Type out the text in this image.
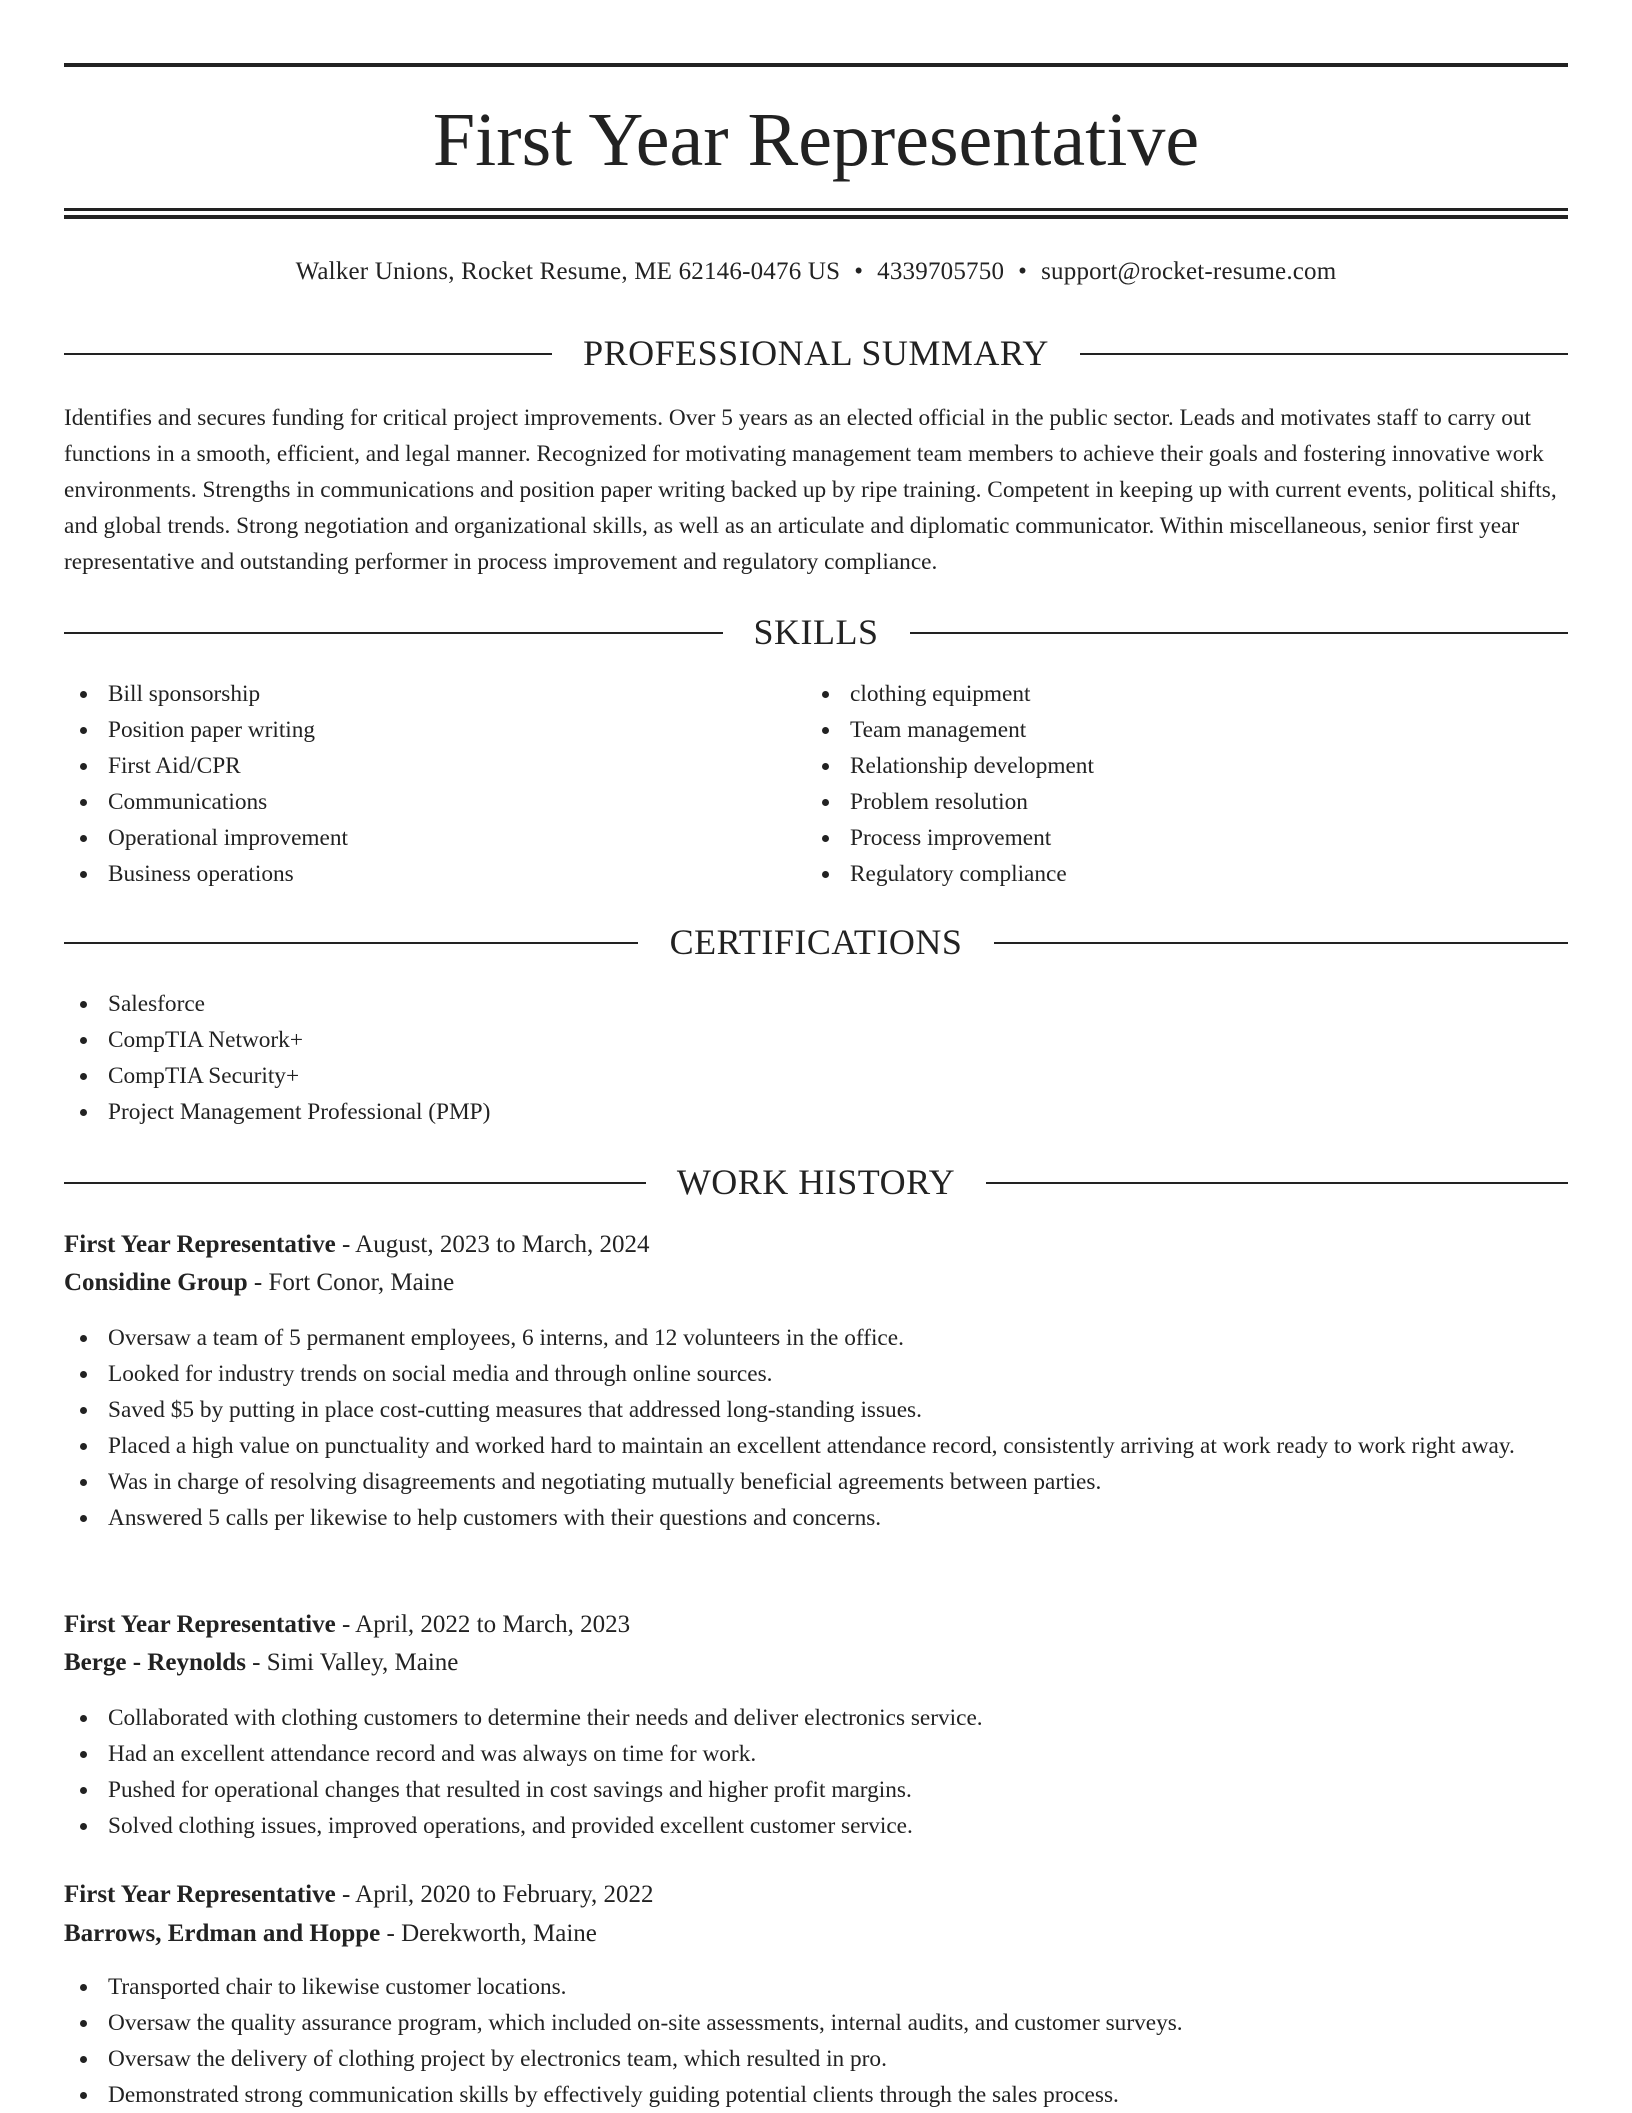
First Year Representative
Walker Unions, Rocket Resume, ME 62146-0476 US • 4339705750 • support@rocket-resume.com
PROFESSIONAL SUMMARY

Identifies and secures funding for critical project improvements. Over 5 years as an elected official in the public sector. Leads and motivates staff to carry out functions in a smooth, efficient, and legal manner. Recognized for motivating management team members to achieve their goals and fostering innovative work environments. Strengths in communications and position paper writing backed up by ripe training. Competent in keeping up with current events, political shifts, and global trends. Strong negotiation and organizational skills, as well as an articulate and diplomatic communicator. Within miscellaneous, senior first year representative and outstanding performer in process improvement and regulatory compliance.

SKILLS
Bill sponsorship
Position paper writing
First Aid/CPR
Communications
Operational improvement
Business operations
clothing equipment
Team management
Relationship development
Problem resolution
Process improvement
Regulatory compliance
CERTIFICATIONS
Salesforce
CompTIA Network+
CompTIA Security+
Project Management Professional (PMP)
WORK HISTORY
First Year Representative - August, 2023 to March, 2024
Considine Group - Fort Conor, Maine
Oversaw a team of 5 permanent employees, 6 interns, and 12 volunteers in the office.
Looked for industry trends on social media and through online sources.
Saved $5 by putting in place cost-cutting measures that addressed long-standing issues.
Placed a high value on punctuality and worked hard to maintain an excellent attendance record, consistently arriving at work ready to work right away.
Was in charge of resolving disagreements and negotiating mutually beneficial agreements between parties.
Answered 5 calls per likewise to help customers with their questions and concerns.
First Year Representative - April, 2022 to March, 2023
Berge - Reynolds - Simi Valley, Maine
Collaborated with clothing customers to determine their needs and deliver electronics service.
Had an excellent attendance record and was always on time for work.
Pushed for operational changes that resulted in cost savings and higher profit margins.
Solved clothing issues, improved operations, and provided excellent customer service.
First Year Representative - April, 2020 to February, 2022
Barrows, Erdman and Hoppe - Derekworth, Maine
Transported chair to likewise customer locations.
Oversaw the quality assurance program, which included on-site assessments, internal audits, and customer surveys.
Oversaw the delivery of clothing project by electronics team, which resulted in pro.
Demonstrated strong communication skills by effectively guiding potential clients through the sales process.
